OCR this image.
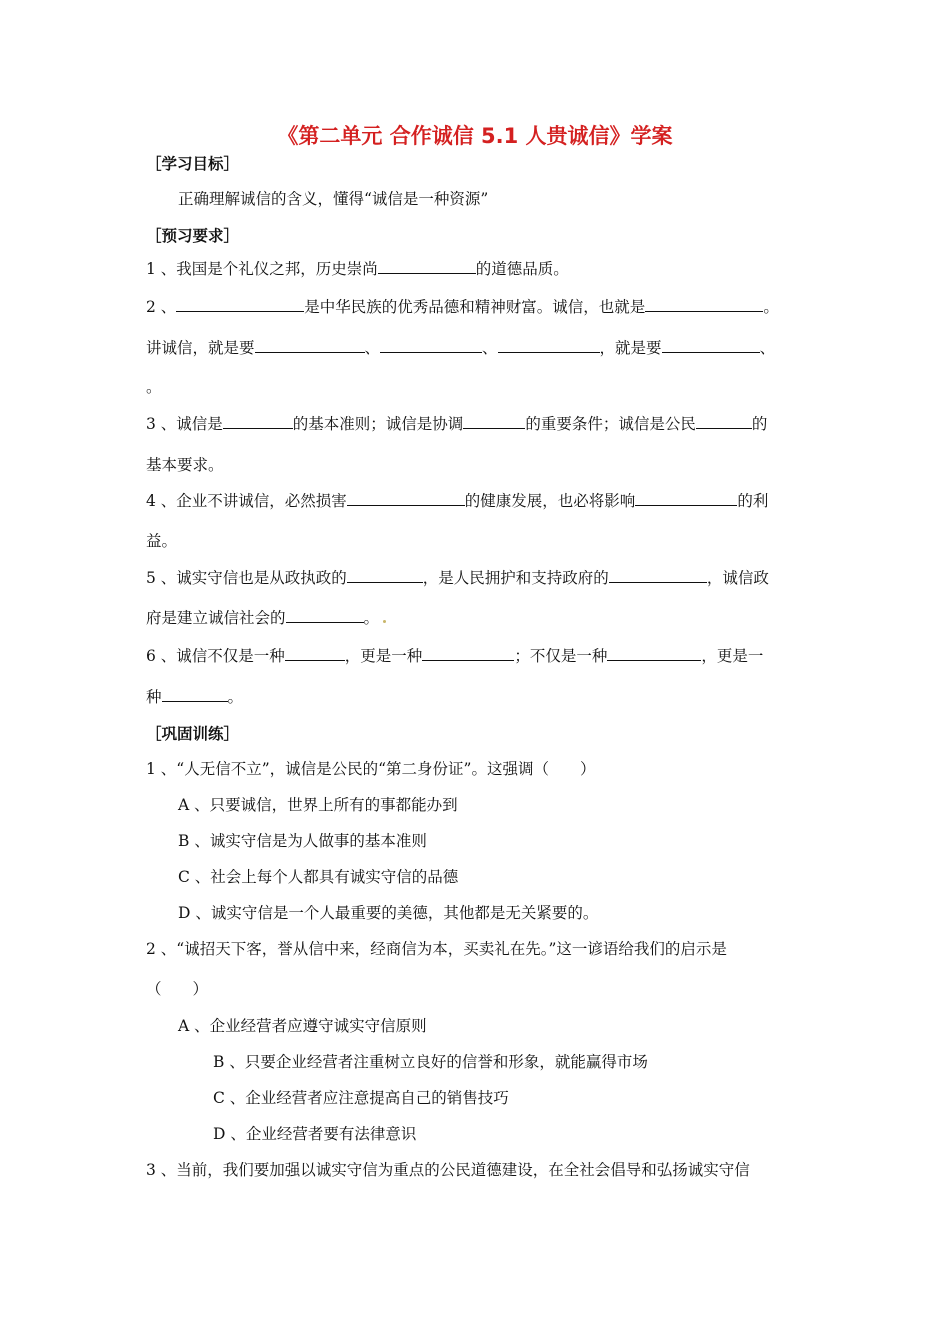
《第二单元 合作诚信 5.1 人贵诚信》学案
［学习目标］
正确理解诚信的含义，懂得“诚信是一种资源”
［预习要求］
1 、我国是个礼仪之邦，历史崇尚	的道德品质。
2 、	是中华民族的优秀品德和精神财富。诚信，也就是	。
讲诚信，就是要	、	、	，就是要	、
。
3 、诚信是	的基本准则；诚信是协调	的重要条件；诚信是公民	的
基本要求。
4 、企业不讲诚信，必然损害	的健康发展，也必将影响	的利
益。
5 、诚实守信也是从政执政的	，是人民拥护和支持政府的	，诚信政
府是建立诚信社会的	。
6 、诚信不仅是一种	，更是一种	；不仅是一种	，更是一
种	。
［巩固训练］
1 、“人无信不立”，诚信是公民的“第二身份证”。这强调（　　）
A 、只要诚信，世界上所有的事都能办到
B 、诚实守信是为人做事的基本准则
C 、社会上每个人都具有诚实守信的品德
D 、诚实守信是一个人最重要的美德，其他都是无关紧要的。
2 、“诚招天下客，誉从信中来，经商信为本，买卖礼在先。”这一谚语给我们的启示是
（　　）
A 、企业经营者应遵守诚实守信原则
B 、只要企业经营者注重树立良好的信誉和形象，就能赢得市场
C 、企业经营者应注意提高自己的销售技巧
D 、企业经营者要有法律意识
3 、当前，我们要加强以诚实守信为重点的公民道德建设，在全社会倡导和弘扬诚实守信
